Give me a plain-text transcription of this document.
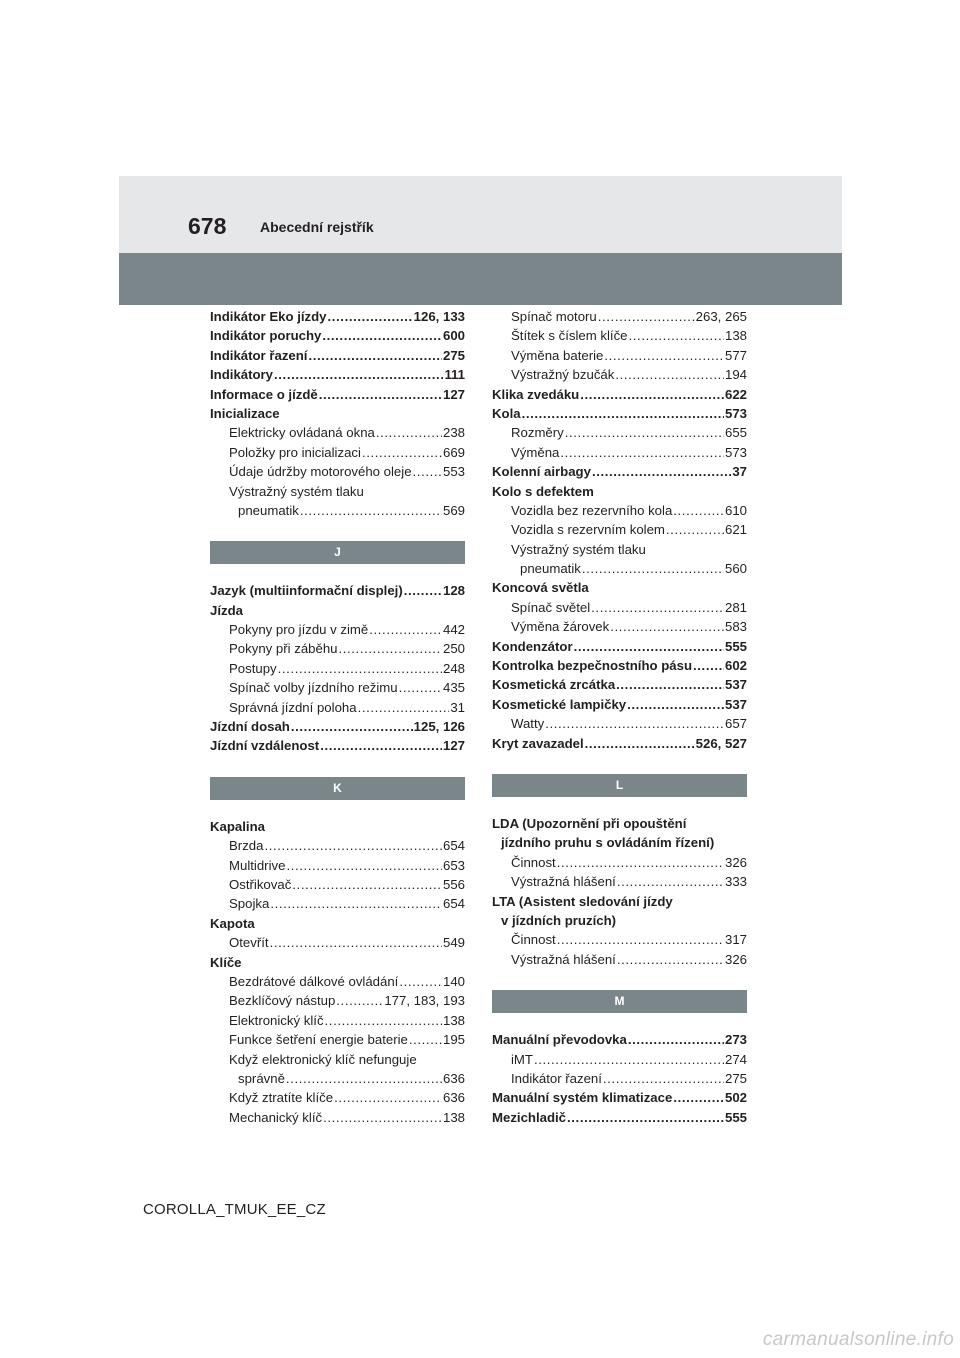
678 Abecední rejstřík
Indikátor Eko jízdy .....	126, 133
Indikátor poruchy .....	600
Indikátor řazení .....	275
Indikátory .....	111
Informace o jízdě .....	127
Inicializace
Elektricky ovládaná okna .....	238
Položky pro inicializaci .....	669
Údaje údržby motorového oleje ..... 553
Výstražný systém tlaku
pneumatik .....	569
J
Jazyk (multiinformační displej) .....	128
Jízda
Pokyny pro jízdu v zimě .....	442
Pokyny při záběhu .....	250
Postupy .....	248
Spínač volby jízdního režimu .....	435
Správná jízdní poloha .....	31
Jízdní dosah .....	125, 126
Jízdní vzdálenost .....	127
K
Kapalina
Brzda .....	654
Multidrive .....	653
Ostřikovač .....	556
Spojka .....	654
Kapota
Otevřít .....	549
Klíče
Bezdrátové dálkové ovládání .....	140
Bezklíčový nástup .....	177, 183, 193
Elektronický klíč .....	138
Funkce šetření energie baterie .....	195
Když elektronický klíč nefunguje
správně .....	636
Když ztratíte klíče .....	636
Mechanický klíč .....	138
Spínač motoru .....	263, 265
Štítek s číslem klíče .....	138
Výměna baterie .....	577
Výstražný bzučák .....	194
Klika zvedáku .....	622
Kola .....	573
Rozměry .....	655
Výměna .....	573
Kolenní airbagy .....	37
Kolo s defektem
Vozidla bez rezervního kola .....	610
Vozidla s rezervním kolem .....	621
Výstražný systém tlaku
pneumatik .....	560
Koncová světla
Spínač světel .....	281
Výměna žárovek .....	583
Kondenzátor .....	555
Kontrolka bezpečnostního pásu ..... 602
Kosmetická zrcátka .....	537
Kosmetické lampičky .....	537
Watty .....	657
Kryt zavazadel .....	526, 527
L
LDA (Upozornění při opouštění
jízdního pruhu s ovládáním řízení)
Činnost .....	326
Výstražná hlášení .....	333
LTA (Asistent sledování jízdy
v jízdních pruzích)
Činnost .....	317
Výstražná hlášení .....	326
M
Manuální převodovka .....	273
iMT .....	274
Indikátor řazení .....	275
Manuální systém klimatizace .....	502
Mezichladič .....	555
COROLLA_TMUK_EE_CZ
carmanualsonline.info
